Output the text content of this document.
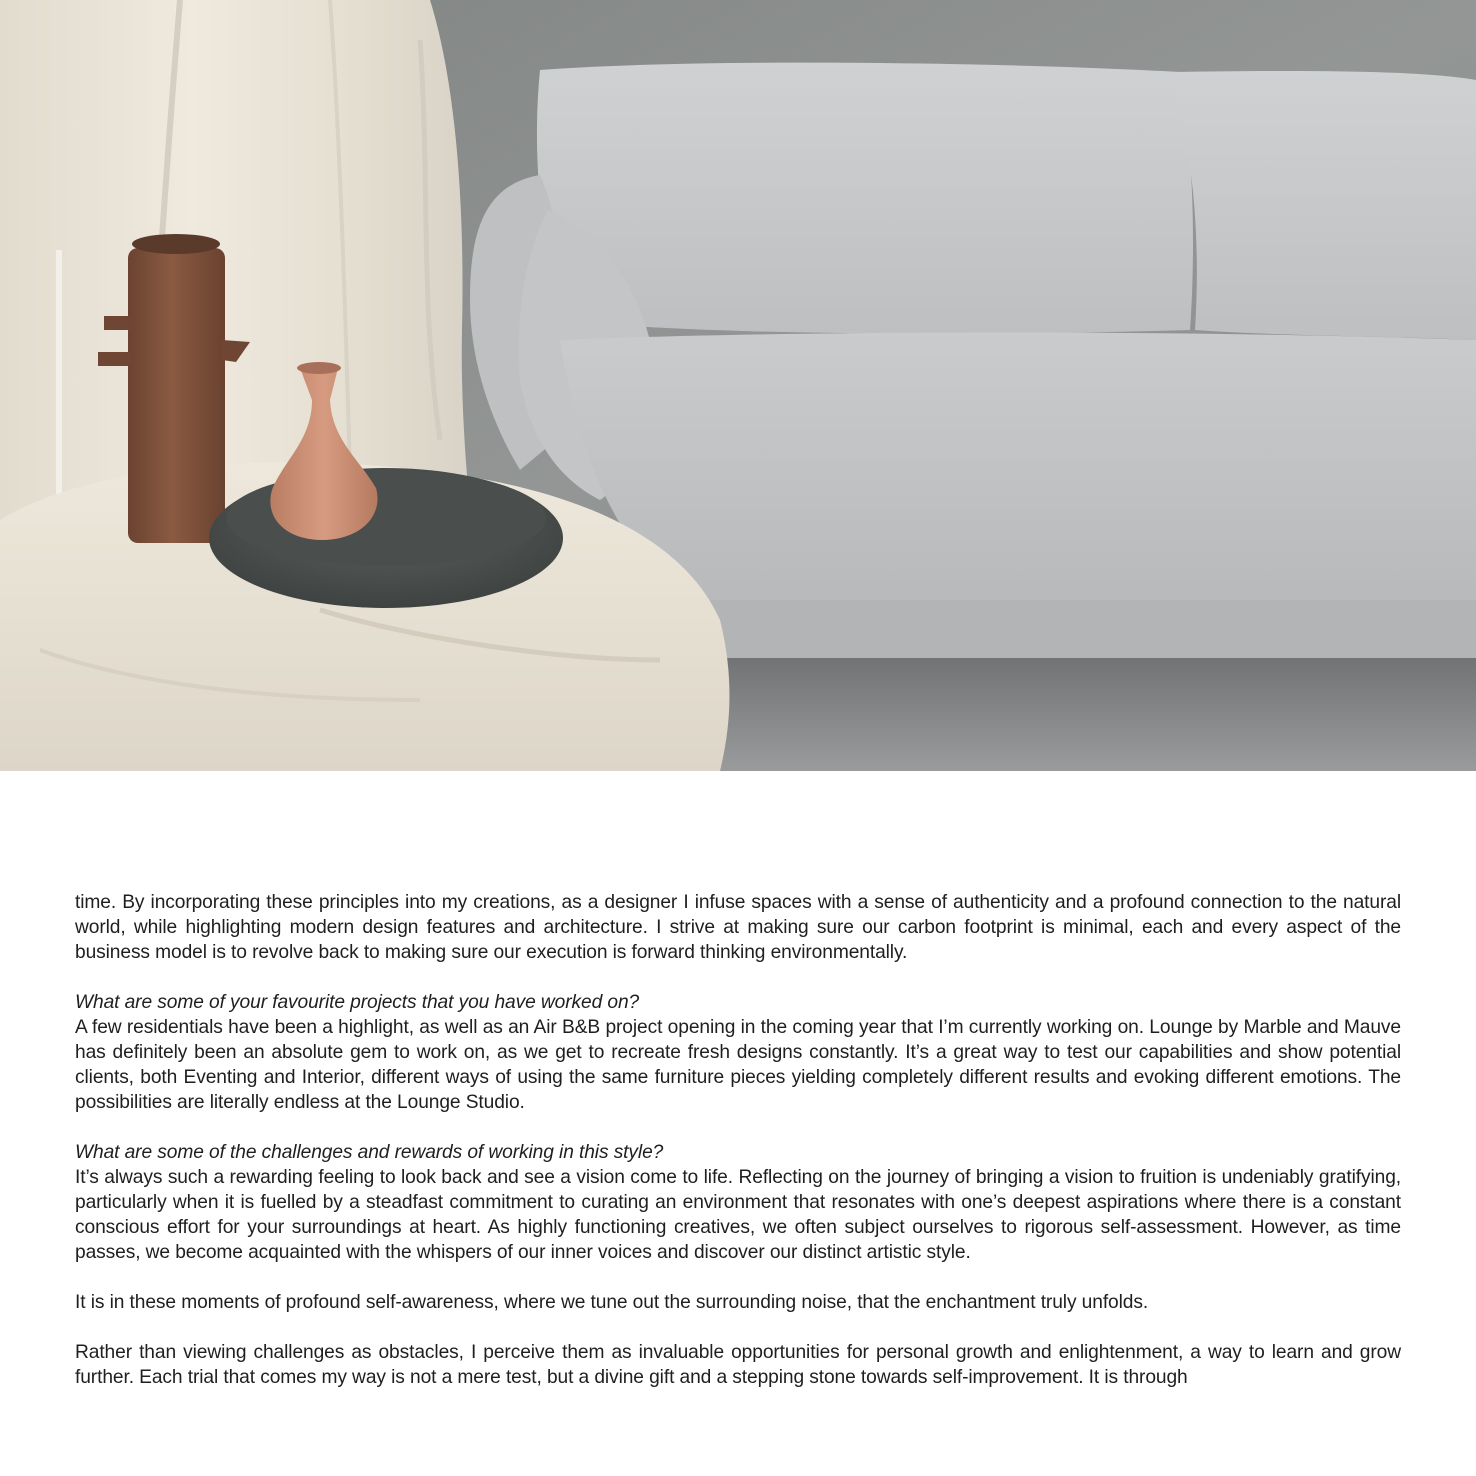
time. By incorporating these principles into my creations, as a designer I infuse spaces with a sense of authenticity and a profound connection to the natural world, while highlighting modern design features and architecture. I strive at making sure our carbon footprint is minimal, each and every aspect of the business model is to revolve back to making sure our execution is forward thinking environmentally.

What are some of your favourite projects that you have worked on?

A few residentials have been a highlight, as well as an Air B&B project opening in the coming year that I’m currently working on. Lounge by Marble and Mauve has definitely been an absolute gem to work on, as we get to recreate fresh designs constantly. It’s a great way to test our capabilities and show potential clients, both Eventing and Interior, different ways of using the same furniture pieces yielding completely different results and evoking different emotions. The possibilities are literally endless at the Lounge Studio.

What are some of the challenges and rewards of working in this style?

It’s always such a rewarding feeling to look back and see a vision come to life. Reflecting on the journey of bringing a vision to fruition is undeniably gratifying, particularly when it is fuelled by a steadfast commitment to curating an environment that resonates with one’s deepest aspirations where there is a constant conscious effort for your surroundings at heart. As highly functioning creatives, we often subject ourselves to rigorous self-assessment. However, as time passes, we become acquainted with the whispers of our inner voices and discover our distinct artistic style.

It is in these moments of profound self-awareness, where we tune out the surrounding noise, that the enchantment truly unfolds.

Rather than viewing challenges as obstacles, I perceive them as invaluable opportunities for personal growth and enlightenment, a way to learn and grow further. Each trial that comes my way is not a mere test, but a divine gift and a stepping stone towards self-improvement. It is through
